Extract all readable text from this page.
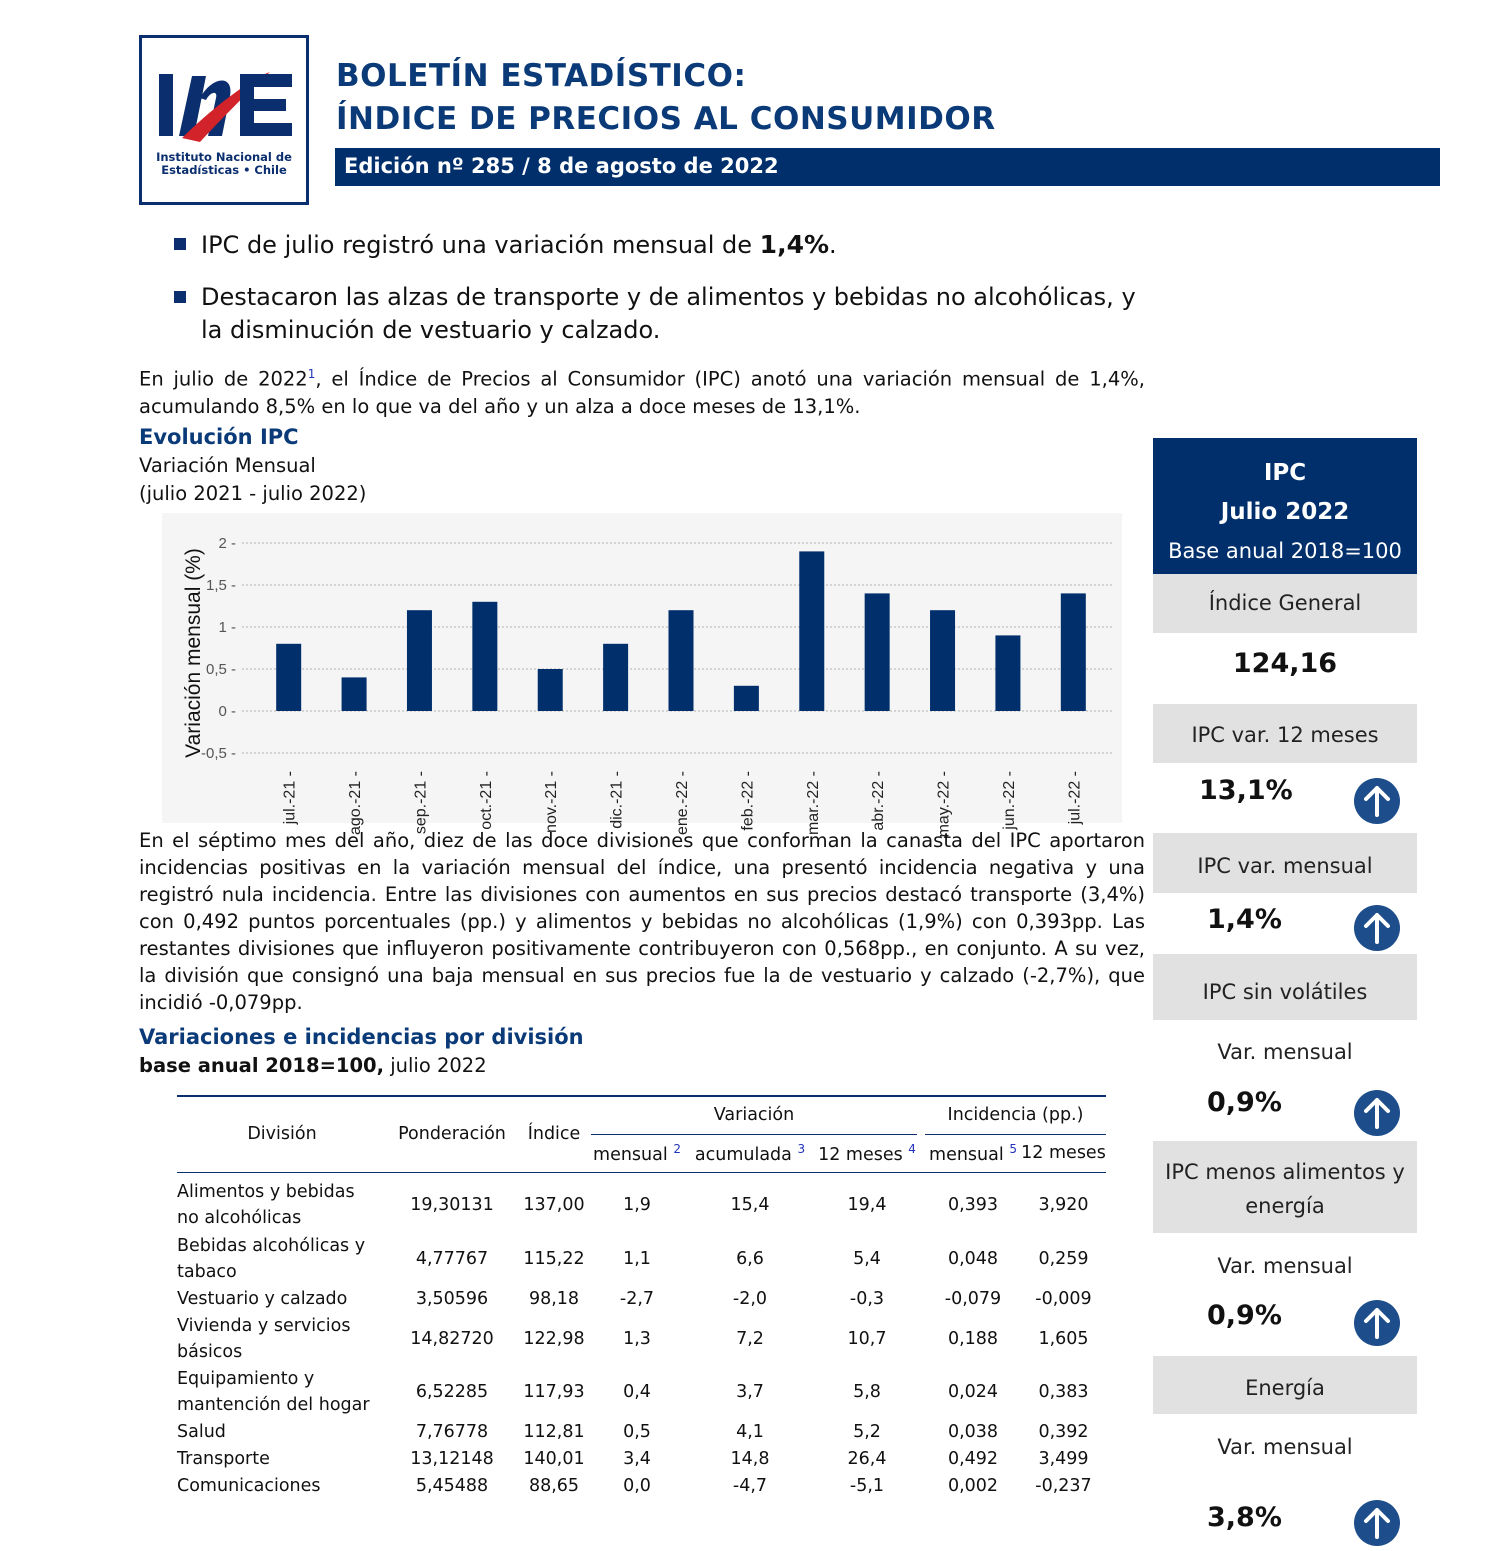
Instituto Nacional de
Estadísticas • Chile
BOLETÍN ESTADÍSTICO:
ÍNDICE DE PRECIOS AL CONSUMIDOR
Edición nº 285 / 8 de agosto de 2022
IPC de julio registró una variación mensual de 1,4%.
Destacaron las alzas de transporte y de alimentos y bebidas no alcohólicas, y la disminución de vestuario y calzado.
En julio de 2022$^1$, el Índice de Precios al Consumidor (IPC) anotó una variación mensual de 1,4%, acumulando 8,5% en lo que va del año y un alza a doce meses de 13,1%.
Evolución IPC
Variación Mensual
(julio 2021 - julio 2022)
-0,5 -
0 -
0,5 -
1 -
1,5 -
2 -
jul.-21 -	ago.-21 -	sep.-21 -	oct.-21 -	nov.-21 -	dic.-21 -	ene.-22 -	feb.-22 -	mar.-22 -	abr.-22 -	may.-22 -	jun.-22 -	jul.-22 -
Variación mensual (%)
En el séptimo mes del año, diez de las doce divisiones que conforman la canasta del IPC aportaron incidencias positivas en la variación mensual del índice, una presentó incidencia negativa y una registró nula incidencia. Entre las divisiones con aumentos en sus precios destacó transporte (3,4%) con 0,492 puntos porcentuales (pp.) y alimentos y bebidas no alcohólicas (1,9%) con 0,393pp. Las restantes divisiones que influyeron positivamente contribuyeron con 0,568pp., en conjunto. A su vez, la división que consignó una baja mensual en sus precios fue la de vestuario y calzado (-2,7%), que incidió -0,079pp.
Variaciones e incidencias por división
base anual 2018=100, julio 2022
División	Ponderación	Índice	Variación				Incidencia (pp.)	
			mensual $^2$	acumulada $^3$	12 meses $^4$		mensual $^5$	12 meses
Alimentos y bebidas no alcohólicas	19,30131	137,00	1,9	15,4	19,4		0,393	3,920
Bebidas alcohólicas y tabaco	4,77767	115,22	1,1	6,6	5,4		0,048	0,259
Vestuario y calzado	3,50596	98,18	-2,7	-2,0	-0,3		-0,079	-0,009
Vivienda y servicios básicos	14,82720	122,98	1,3	7,2	10,7		0,188	1,605
Equipamiento y mantención del hogar	6,52285	117,93	0,4	3,7	5,8		0,024	0,383
Salud	7,76778	112,81	0,5	4,1	5,2		0,038	0,392
Transporte	13,12148	140,01	3,4	14,8	26,4		0,492	3,499
Comunicaciones	5,45488	88,65	0,0	-4,7	-5,1		0,002	-0,237
IPC
Julio 2022
Base anual 2018=100
Índice General
124,16
IPC var. 12 meses
13,1%
IPC var. mensual
1,4%
IPC sin volátiles
Var. mensual
0,9%
IPC menos alimentos y energía
Var. mensual
0,9%
Energía
Var. mensual
3,8%
